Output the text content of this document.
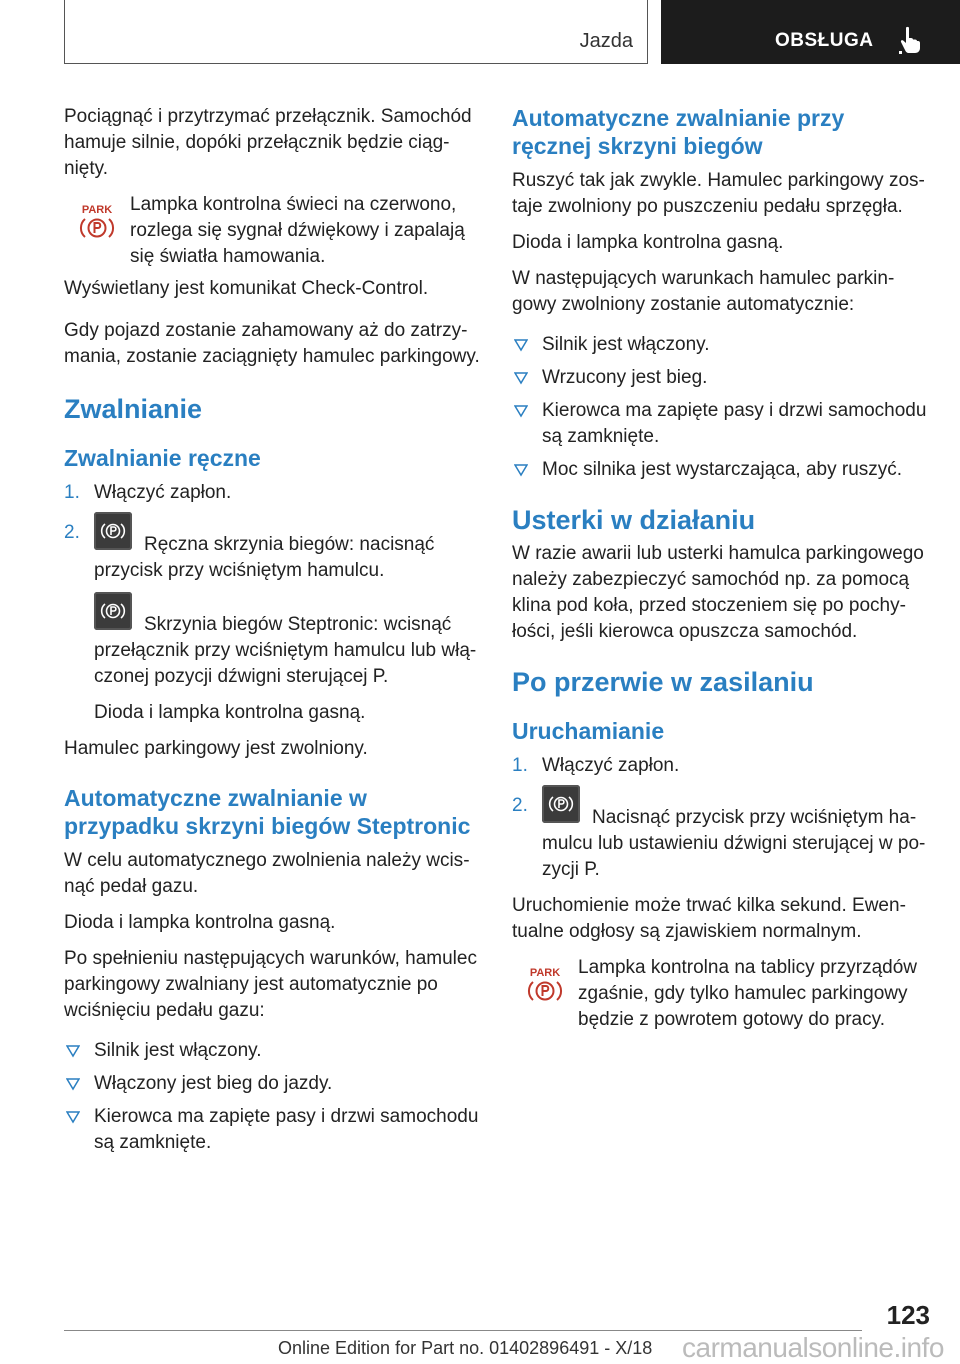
Jazda	OBSŁUGA

Pociągnąć i przytrzymać przełącznik. Samochód hamuje silnie, dopóki przełącznik będzie ciągnięty.

PARK Lampka kontrolna świeci na czerwono, rozlega się sygnał dźwiękowy i zapalają się światła hamowania.

Wyświetlany jest komunikat Check-Control.

Gdy pojazd zostanie zahamowany aż do zatrzymania, zostanie zaciągnięty hamulec parkingowy.

Zwalnianie
Zwalnianie ręczne
1. Włączyć zapłon.
2.
Ręczna skrzynia biegów: nacisnąć przycisk przy wciśniętym hamulcu.

Skrzynia biegów Steptronic: wcisnąć przełącznik przy wciśniętym hamulcu lub włączonej pozycji dźwigni sterującej P.

Dioda i lampka kontrolna gasną.

Hamulec parkingowy jest zwolniony.

Automatyczne zwalnianie w przypadku skrzyni biegów Steptronic

W celu automatycznego zwolnienia należy wcisnąć pedał gazu.

Dioda i lampka kontrolna gasną.

Po spełnieniu następujących warunków, hamulec parkingowy zwalniany jest automatycznie po wciśnięciu pedału gazu:

Silnik jest włączony.
Włączony jest bieg do jazdy.
Kierowca ma zapięte pasy i drzwi samochodu są zamknięte.
Automatyczne zwalnianie przy ręcznej skrzyni biegów

Ruszyć tak jak zwykle. Hamulec parkingowy zostaje zwolniony po puszczeniu pedału sprzęgła.

Dioda i lampka kontrolna gasną.

W następujących warunkach hamulec parkingowy zwolniony zostanie automatycznie:

Silnik jest włączony.
Wrzucony jest bieg.
Kierowca ma zapięte pasy i drzwi samochodu są zamknięte.
Moc silnika jest wystarczająca, aby ruszyć.
Usterki w działaniu

W razie awarii lub usterki hamulca parkingowego należy zabezpieczyć samochód np. za pomocą klina pod koła, przed stoczeniem się po pochyłości, jeśli kierowca opuszcza samochód.

Po przerwie w zasilaniu
Uruchamianie
1. Włączyć zapłon.
2.
Nacisnąć przycisk przy wciśniętym hamulcu lub ustawieniu dźwigni sterującej w pozycji P.

Uruchomienie może trwać kilka sekund. Ewentualne odgłosy są zjawiskiem normalnym.

PARK Lampka kontrolna na tablicy przyrządów zgaśnie, gdy tylko hamulec parkingowy będzie z powrotem gotowy do pracy.

123
carmanualsonline.info
Online Edition for Part no. 01402896491 - X/18
